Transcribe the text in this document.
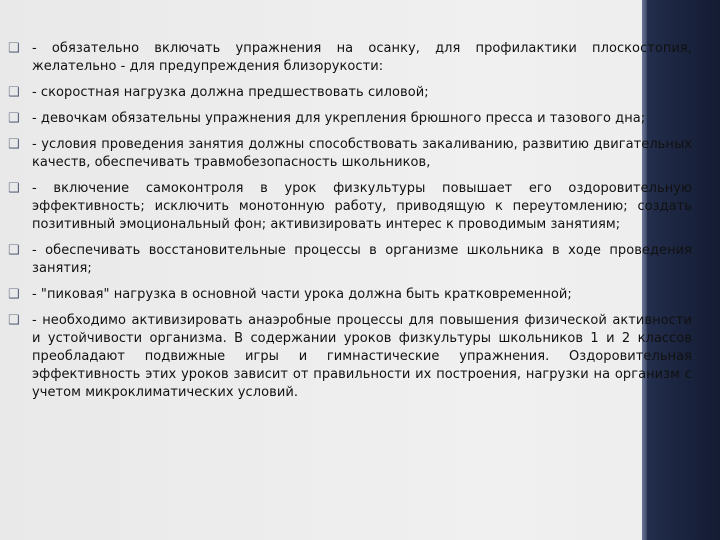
❑ - обязательно включать упражнения на осанку, для профилактики плоскостопия, желательно - для предупреждения близорукости:
❑ - скоростная нагрузка должна предшествовать силовой;
❑ - девочкам обязательны упражнения для укрепления брюшного пресса и тазового дна;
❑ - условия проведения занятия должны способствовать закаливанию, развитию двигательных качеств, обеспечивать травмобезопасность школьников,
❑ - включение самоконтроля в урок физкультуры повышает его оздоровительную эффективность; исключить монотонную работу, приводящую к переутомлению; создать позитивный эмоциональный фон; активизировать интерес к проводимым занятиям;
❑ - обеспечивать восстановительные процессы в организме школьника в ходе проведения занятия;
❑ - "пиковая" нагрузка в основной части урока должна быть кратковременной;
❑ - необходимо активизировать анаэробные процессы для повышения физической активности и устойчивости организма. В содержании уроков физкультуры школьников 1 и 2 классов преобладают подвижные игры и гимнастические упражнения. Оздоровительная эффективность этих уроков зависит от правильности их построения, нагрузки на организм с учетом микроклиматических условий.
